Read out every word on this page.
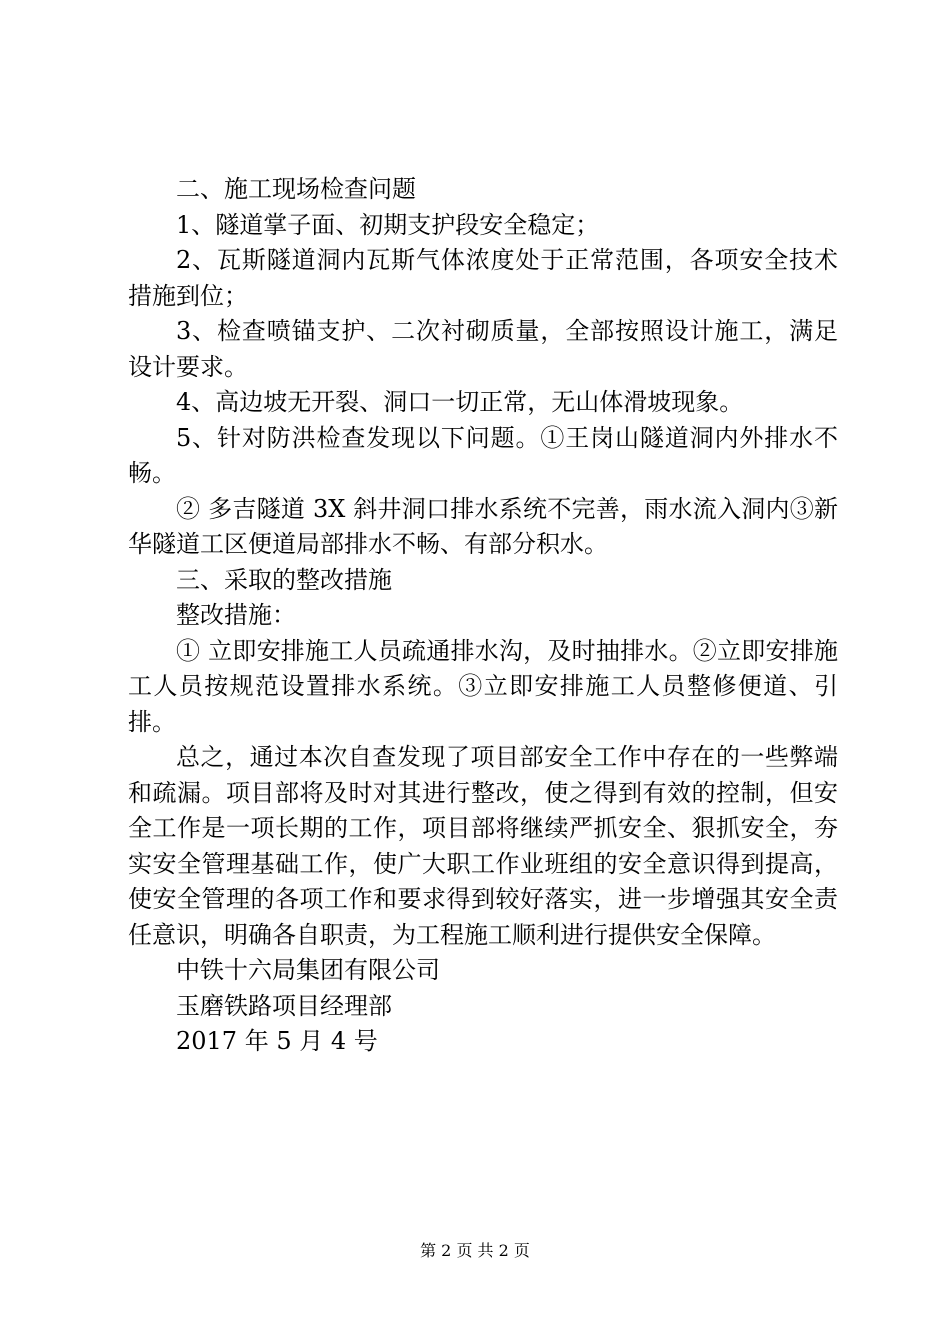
二、施工现场检查问题

1、隧道掌子面、初期支护段安全稳定；

2、瓦斯隧道洞内瓦斯气体浓度处于正常范围，各项安全技术措施到位；

3、检查喷锚支护、二次衬砌质量，全部按照设计施工，满足设计要求。

4、高边坡无开裂、洞口一切正常，无山体滑坡现象。

5、针对防洪检查发现以下问题。①王岗山隧道洞内外排水不畅。

② 多吉隧道 3X 斜井洞口排水系统不完善，雨水流入洞内③新华隧道工区便道局部排水不畅、有部分积水。

三、采取的整改措施

整改措施：

① 立即安排施工人员疏通排水沟，及时抽排水。②立即安排施工人员按规范设置排水系统。③立即安排施工人员整修便道、引排。

总之，通过本次自查发现了项目部安全工作中存在的一些弊端和疏漏。项目部将及时对其进行整改，使之得到有效的控制，但安全工作是一项长期的工作，项目部将继续严抓安全、狠抓安全，夯实安全管理基础工作，使广大职工作业班组的安全意识得到提高，使安全管理的各项工作和要求得到较好落实，进一步增强其安全责任意识，明确各自职责，为工程施工顺利进行提供安全保障。

中铁十六局集团有限公司

玉磨铁路项目经理部

2017 年 5 月 4 号

第 2 页 共 2 页
